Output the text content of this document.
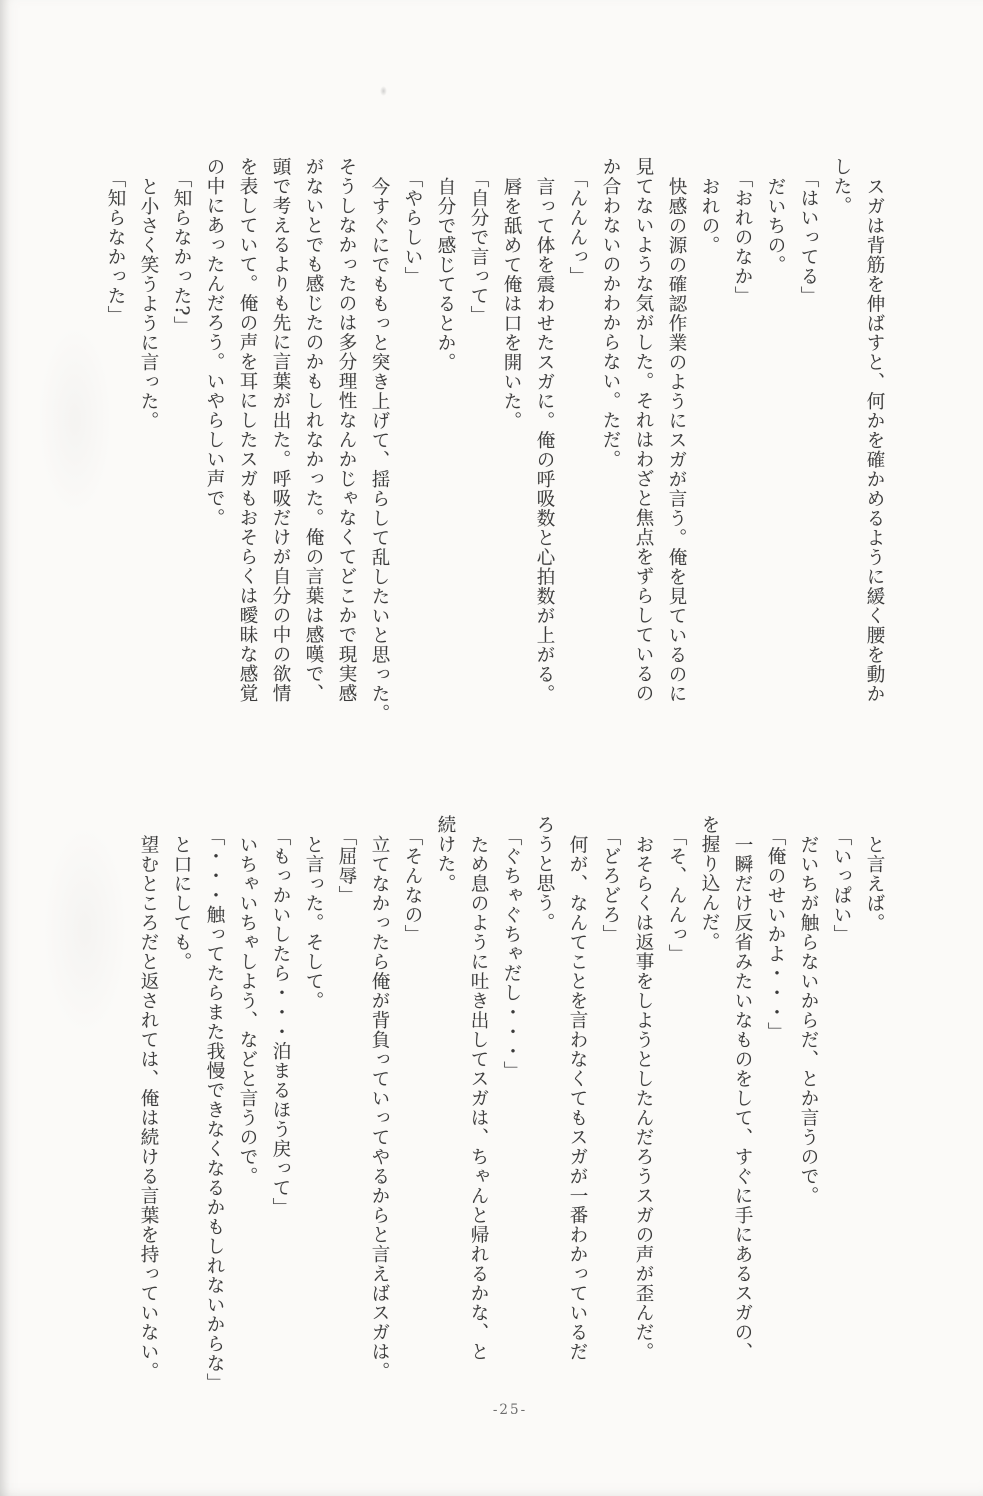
スガは背筋を伸ばすと、何かを確かめるように緩く腰を動か
した。
「はいってる」
だいちの。
「おれのなか」
おれの。
快感の源の確認作業のようにスガが言う。俺を見ているのに
見てないような気がした。それはわざと焦点をずらしているの
か合わないのかわからない。ただ。
「んんんっ」
言って体を震わせたスガに。俺の呼吸数と心拍数が上がる。
唇を舐めて俺は口を開いた。
「自分で言って」
自分で感じてるとか。
「やらしい」
今すぐにでももっと突き上げて、揺らして乱したいと思った。
そうしなかったのは多分理性なんかじゃなくてどこかで現実感
がないとでも感じたのかもしれなかった。俺の言葉は感嘆で、
頭で考えるよりも先に言葉が出た。呼吸だけが自分の中の欲情
を表していて。俺の声を耳にしたスガもおそらくは曖昧な感覚
の中にあったんだろう。いやらしい声で。
「知らなかった?」
と小さく笑うように言った。
「知らなかった」
と言えば。
「いっぱい」
だいちが触らないからだ、とか言うので。
「俺のせいかよ・・・」
一瞬だけ反省みたいなものをして、すぐに手にあるスガの、
を握り込んだ。
「そ、んんっ」
おそらくは返事をしようとしたんだろうスガの声が歪んだ。
「どろどろ」
何が、なんてことを言わなくてもスガが一番わかっているだ
ろうと思う。
「ぐちゃぐちゃだし・・・」
ため息のように吐き出してスガは、ちゃんと帰れるかな、と
続けた。
「そんなの」
立てなかったら俺が背負っていってやるからと言えばスガは。
「屈辱」
と言った。そして。
「もっかいしたら・・・泊まるほう戻って」
いちゃいちゃしよう、などと言うので。
「・・・触ってたらまた我慢できなくなるかもしれないからな」
と口にしても。
望むところだと返されては、俺は続ける言葉を持っていない。
-25-
